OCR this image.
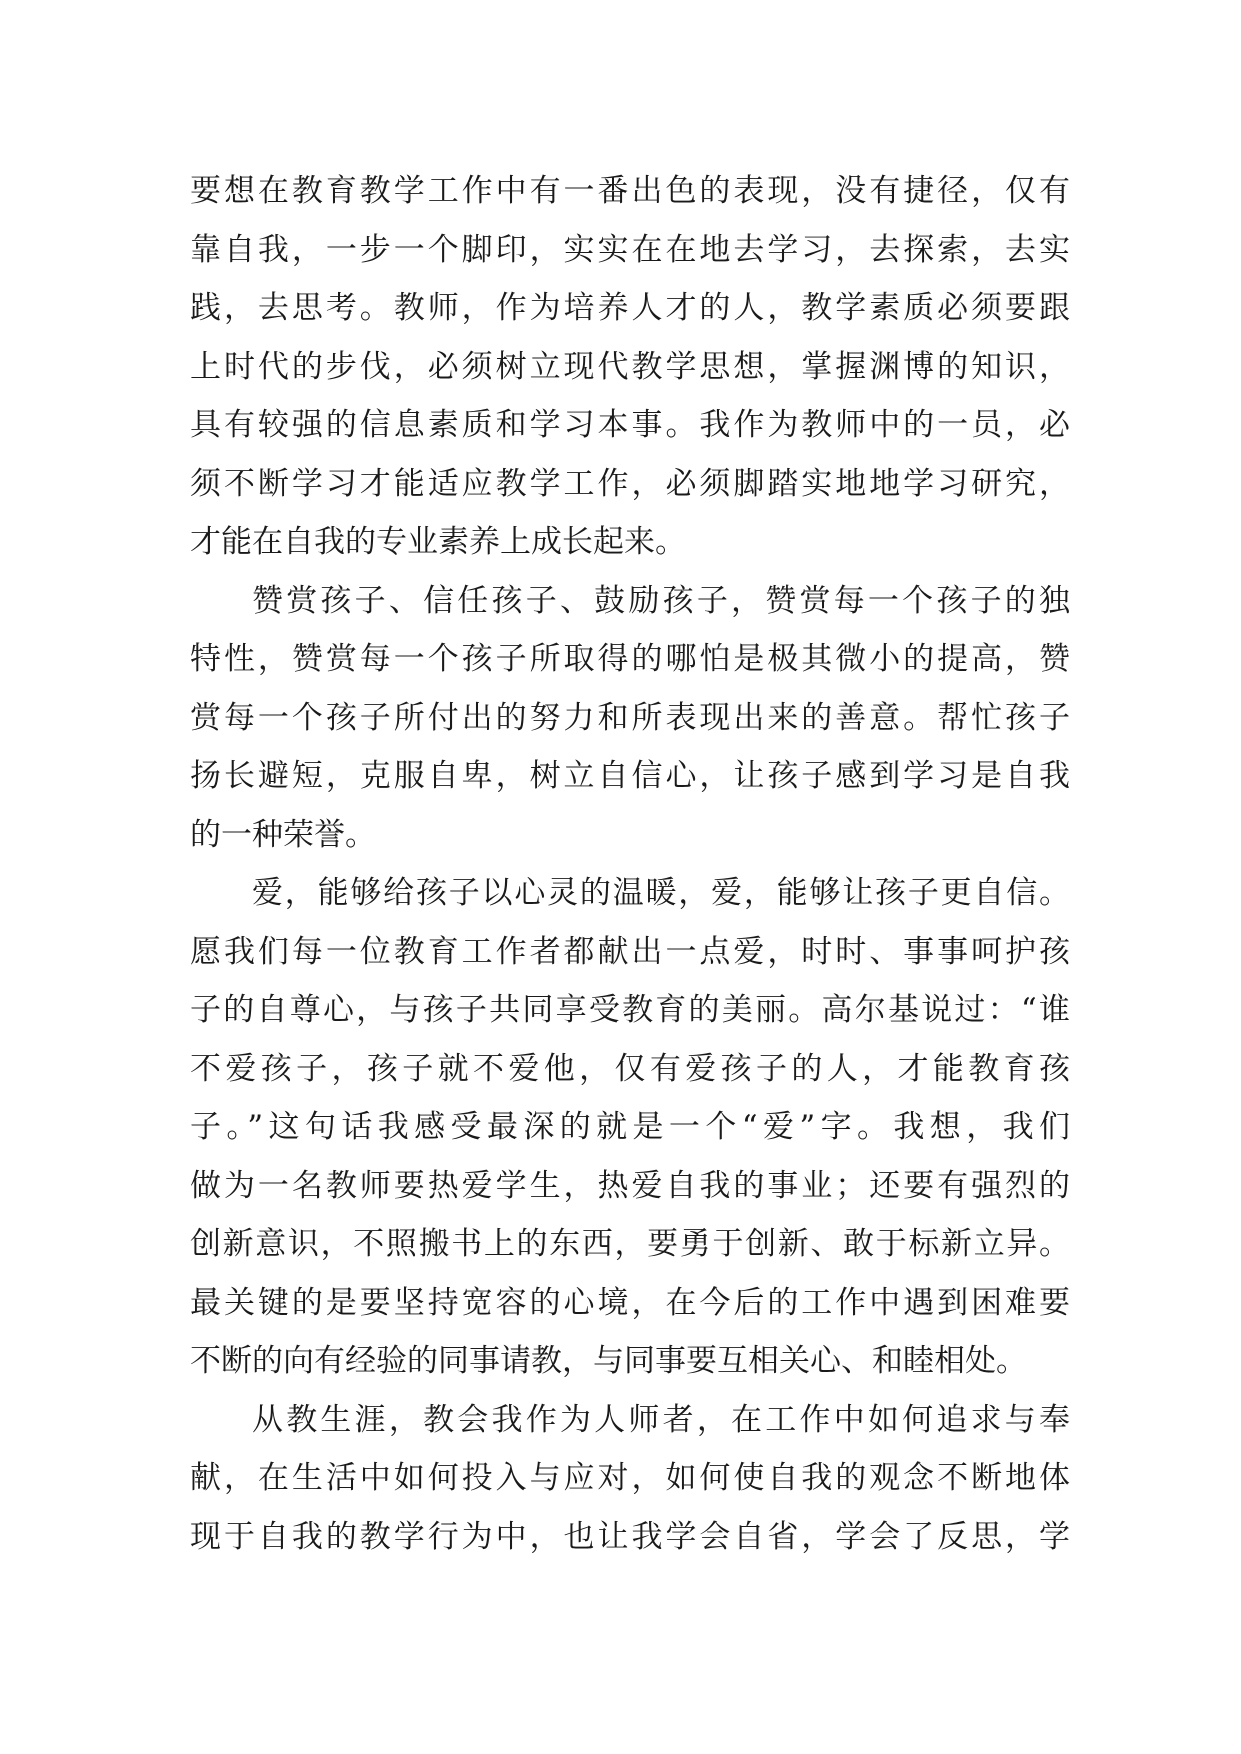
要想在教育教学工作中有一番出色的表现，没有捷径，仅有
靠自我，一步一个脚印，实实在在地去学习，去探索，去实
践，去思考。教师，作为培养人才的人，教学素质必须要跟
上时代的步伐，必须树立现代教学思想，掌握渊博的知识，
具有较强的信息素质和学习本事。我作为教师中的一员，必
须不断学习才能适应教学工作，必须脚踏实地地学习研究，
才能在自我的专业素养上成长起来。
赞赏孩子、信任孩子、鼓励孩子，赞赏每一个孩子的独
特性，赞赏每一个孩子所取得的哪怕是极其微小的提高，赞
赏每一个孩子所付出的努力和所表现出来的善意。帮忙孩子
扬长避短，克服自卑，树立自信心，让孩子感到学习是自我
的一种荣誉。
爱，能够给孩子以心灵的温暖，爱，能够让孩子更自信。
愿我们每一位教育工作者都献出一点爱，时时、事事呵护孩
子的自尊心，与孩子共同享受教育的美丽。高尔基说过：“谁
不爱孩子，孩子就不爱他，仅有爱孩子的人，才能教育孩
子。”这句话我感受最深的就是一个“爱”字。我想，我们
做为一名教师要热爱学生，热爱自我的事业；还要有强烈的
创新意识，不照搬书上的东西，要勇于创新、敢于标新立异。
最关键的是要坚持宽容的心境，在今后的工作中遇到困难要
不断的向有经验的同事请教，与同事要互相关心、和睦相处。
从教生涯，教会我作为人师者，在工作中如何追求与奉
献，在生活中如何投入与应对，如何使自我的观念不断地体
现于自我的教学行为中，也让我学会自省，学会了反思，学
